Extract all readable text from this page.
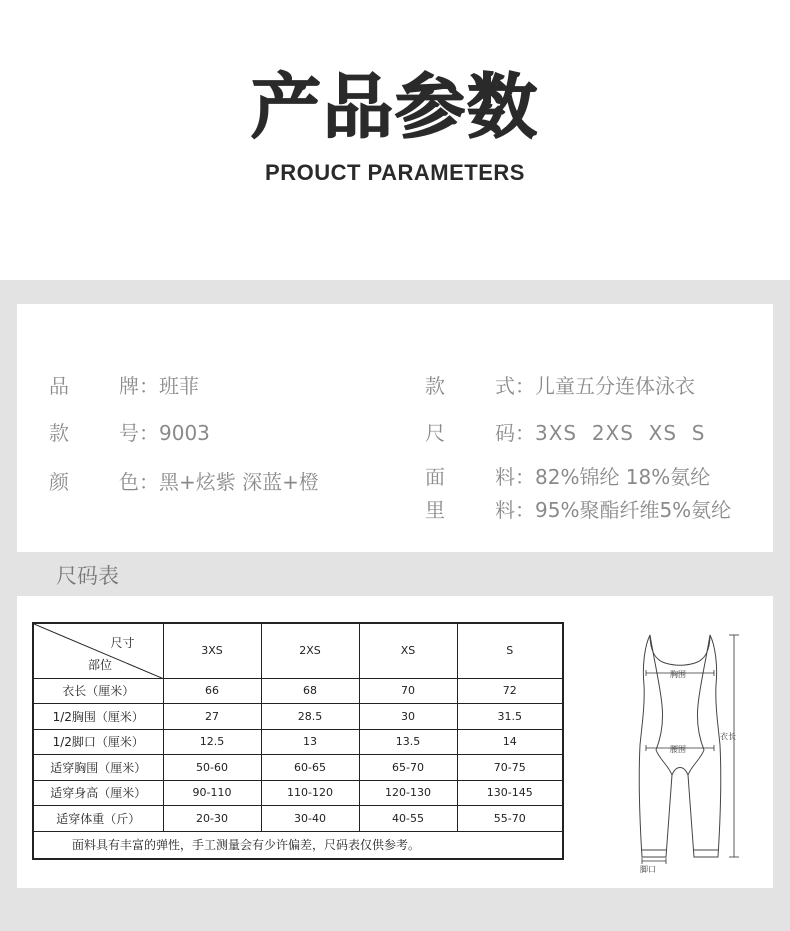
产品参数
PROUCT PARAMETERS
品	牌：班菲	款	式：儿童五分连体泳衣
款	号：9003	尺	码：3XS  2XS  XS  S
颜	色：黑+炫紫 深蓝+橙	面	料：82%锦纶 18%氨纶
里	料：95%聚酯纤维5%氨纶
尺码表
尺寸
部位	3XS	2XS	XS	S
衣长（厘米）	66	68	70	72
1/2胸围（厘米）	27	28.5	30	31.5
1/2脚口（厘米）	12.5	13	13.5	14
适穿胸围（厘米）	50-60	60-65	65-70	70-75
适穿身高（厘米）	90-110	110-120	120-130	130-145
适穿体重（斤）	20-30	30-40	40-55	55-70
面料具有丰富的弹性，手工测量会有少许偏差，尺码表仅供参考。				
衣长
胸围
腰围
脚口
